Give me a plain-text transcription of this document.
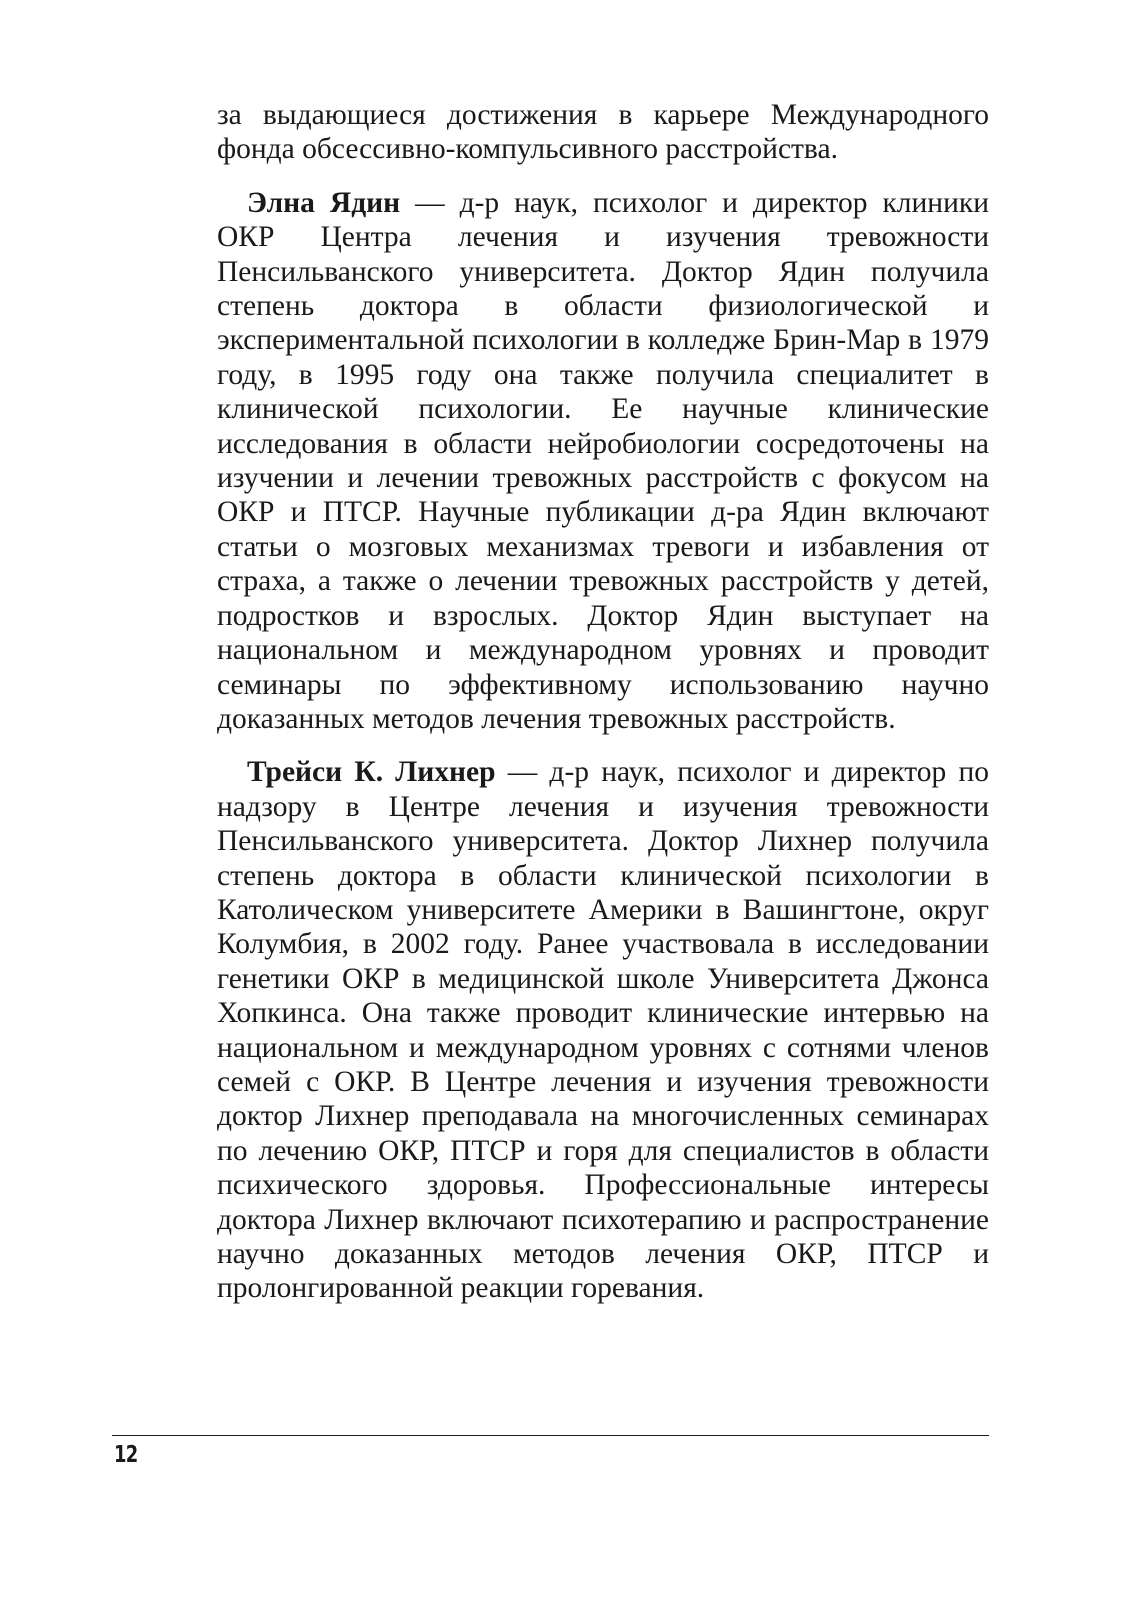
за выдающиеся достижения в карьере Международного фонда обсессивно-компульсивного расстройства.

Элна Ядин — д-р наук, психолог и директор клиники ОКР Центра лечения и изучения тревожности Пенсильванского университета. Доктор Ядин получила степень доктора в области физиологической и экспериментальной психологии в колледже Брин-Мар в 1979 году, в 1995 году она также получила специалитет в клинической психологии. Ее научные клинические исследования в области нейробиологии сосредоточены на изучении и лечении тревожных расстройств с фокусом на ОКР и ПТСР. Научные публикации д-ра Ядин включают статьи о мозговых механизмах тревоги и избавления от страха, а также о лечении тревожных расстройств у детей, подростков и взрослых. Доктор Ядин выступает на национальном и международном уровнях и проводит семинары по эффективному использованию научно доказанных методов лечения тревожных расстройств.

Трейси К. Лихнер — д-р наук, психолог и директор по надзору в Центре лечения и изучения тревожности Пенсильванского университета. Доктор Лихнер получила степень доктора в области клинической психологии в Католическом университете Америки в Вашингтоне, округ Колумбия, в 2002 году. Ранее участвовала в исследовании генетики ОКР в медицинской школе Университета Джонса Хопкинса. Она также проводит клинические интервью на национальном и международном уровнях с сотнями членов семей с ОКР. В Центре лечения и изучения тревожности доктор Лихнер преподавала на многочисленных семинарах по лечению ОКР, ПТСР и горя для специалистов в области психического здоровья. Профессиональные интересы доктора Лихнер включают психотерапию и распространение научно доказанных методов лечения ОКР, ПТСР и пролонгированной реакции горевания.

12
